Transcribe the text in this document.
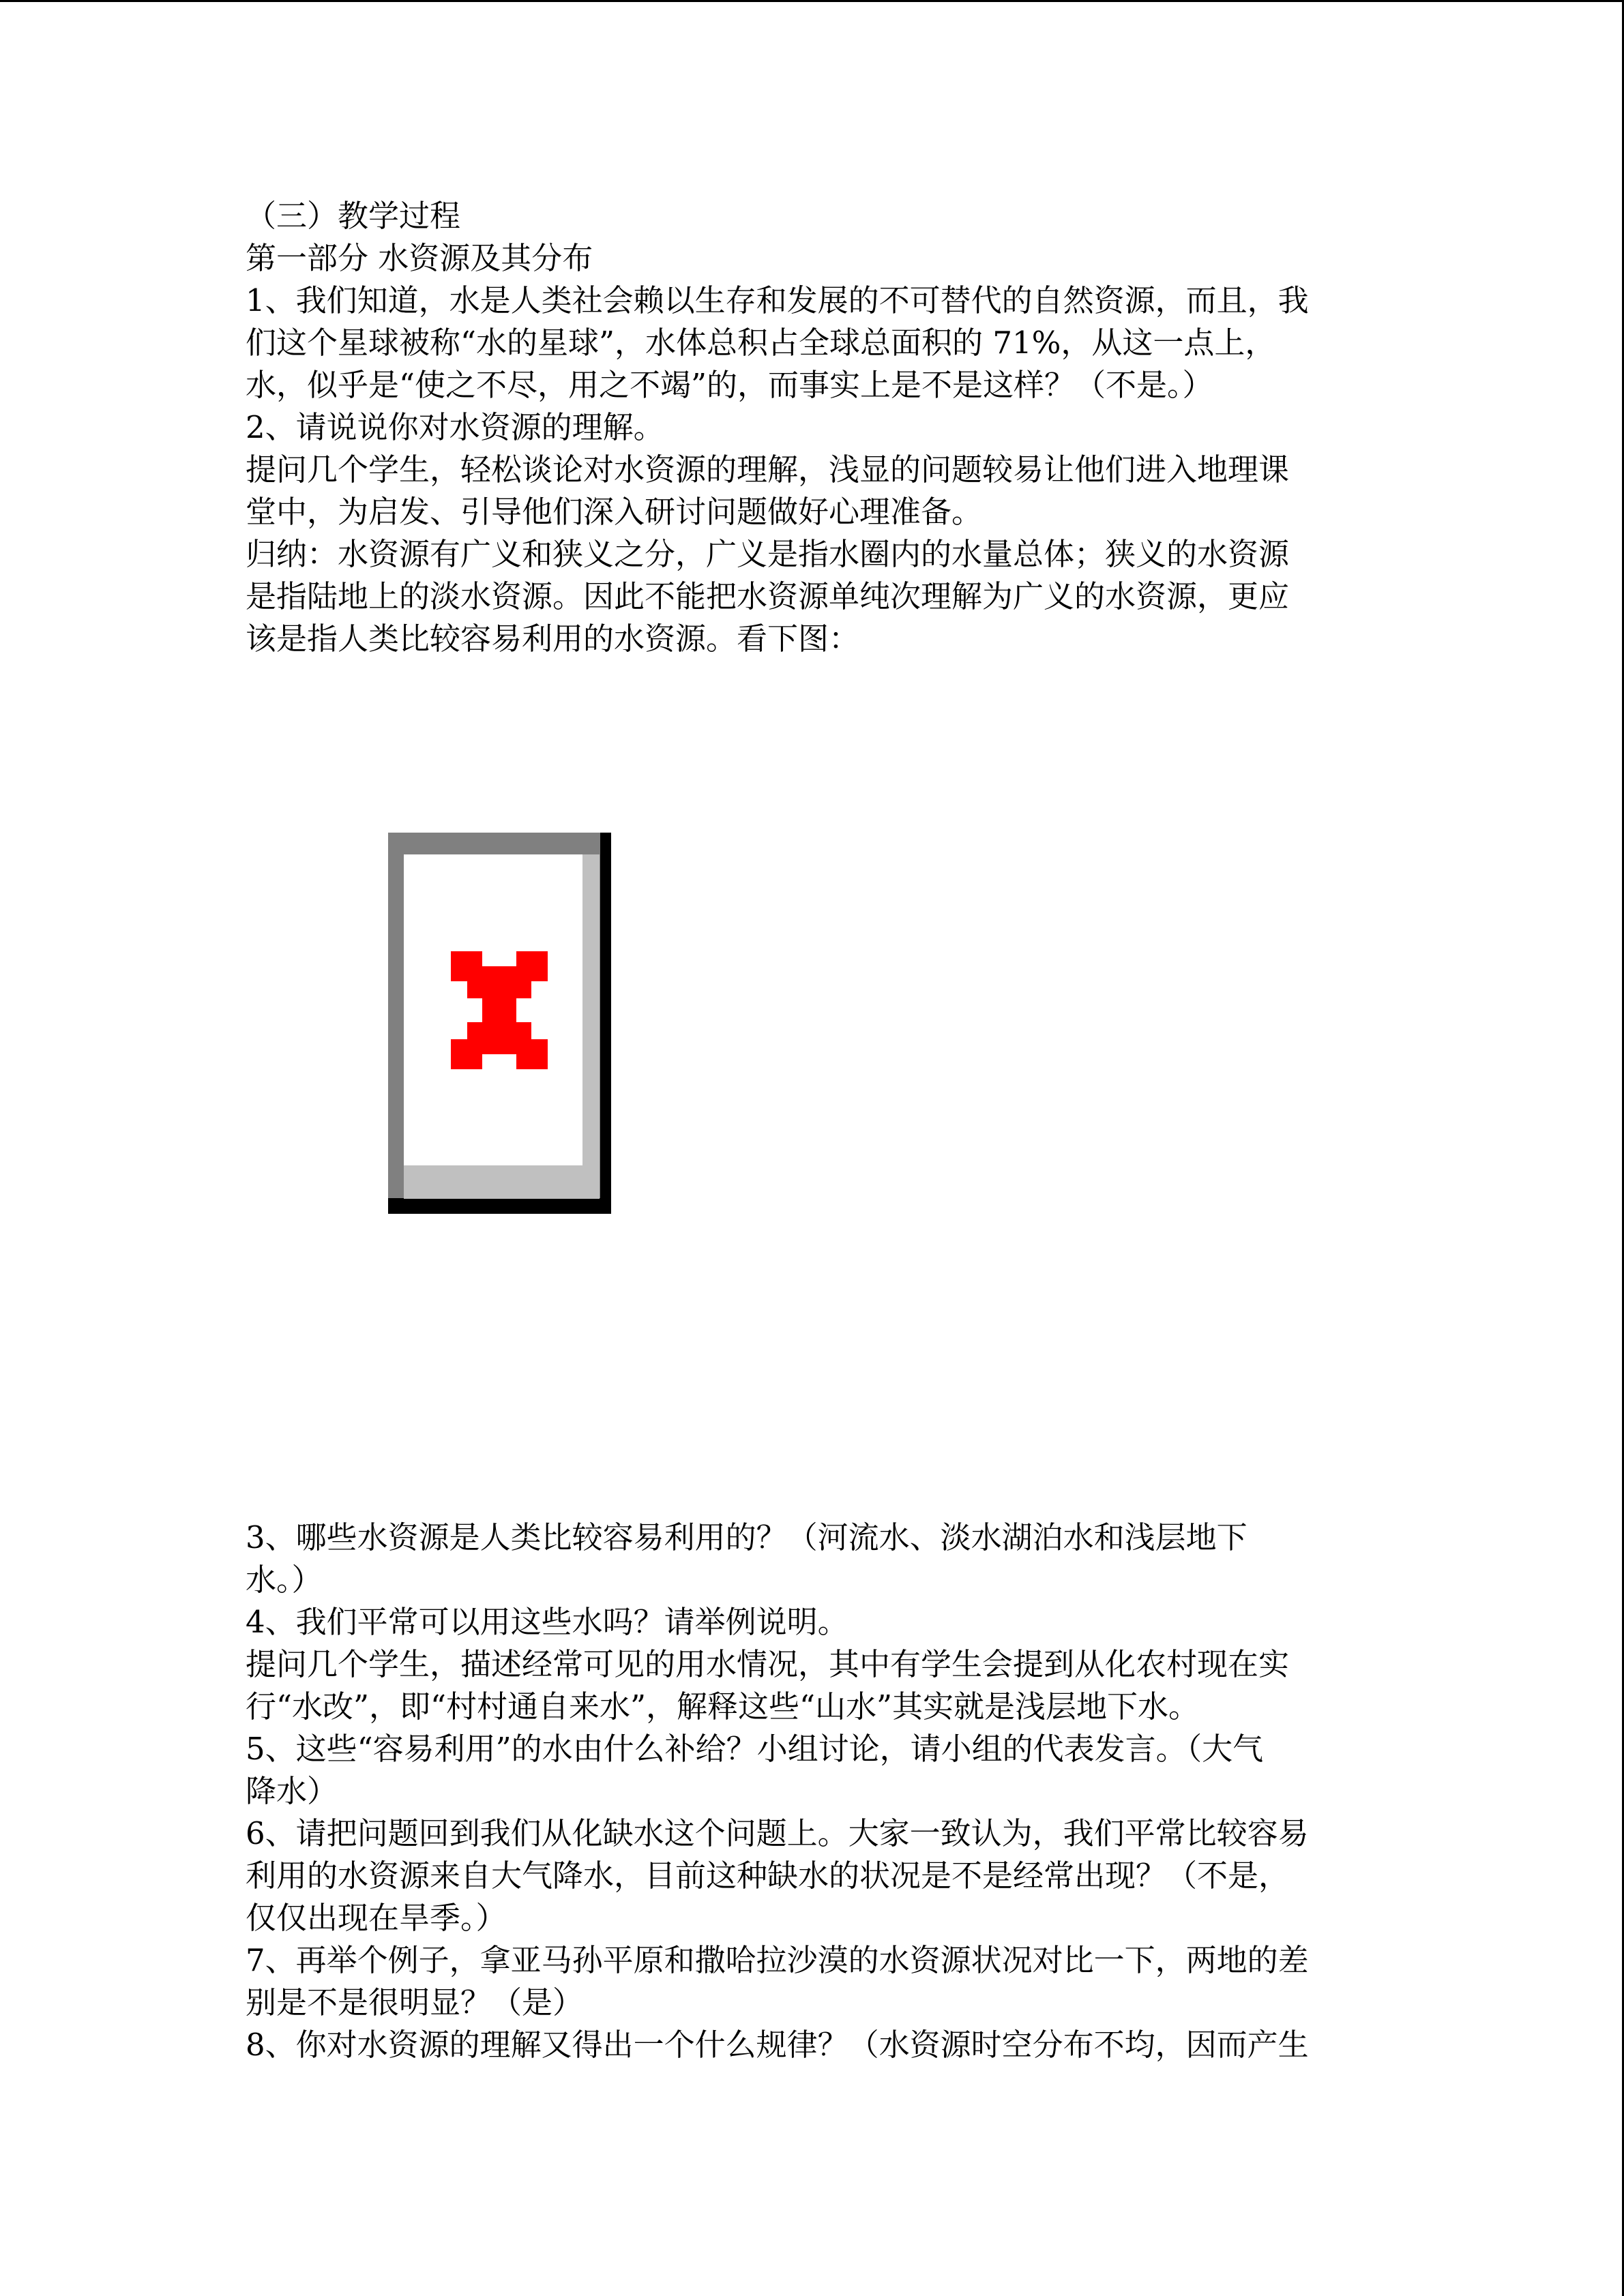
（三）教学过程
第一部分 水资源及其分布
1、我们知道，水是人类社会赖以生存和发展的不可替代的自然资源，而且，我
们这个星球被称“水的星球”，水体总积占全球总面积的 71%，从这一点上，
水，似乎是“使之不尽，用之不竭”的，而事实上是不是这样？（不是。）
2、请说说你对水资源的理解。
提问几个学生，轻松谈论对水资源的理解，浅显的问题较易让他们进入地理课
堂中，为启发、引导他们深入研讨问题做好心理准备。
归纳：水资源有广义和狭义之分，广义是指水圈内的水量总体；狭义的水资源
是指陆地上的淡水资源。因此不能把水资源单纯次理解为广义的水资源，更应
该是指人类比较容易利用的水资源。看下图：
3、哪些水资源是人类比较容易利用的？（河流水、淡水湖泊水和浅层地下
水。）
4、我们平常可以用这些水吗？请举例说明。
提问几个学生，描述经常可见的用水情况，其中有学生会提到从化农村现在实
行“水改”，即“村村通自来水”，解释这些“山水”其实就是浅层地下水。
5、这些“容易利用”的水由什么补给？小组讨论，请小组的代表发言。（大气
降水）
6、请把问题回到我们从化缺水这个问题上。大家一致认为，我们平常比较容易
利用的水资源来自大气降水，目前这种缺水的状况是不是经常出现？（不是，
仅仅出现在旱季。）
7、再举个例子，拿亚马孙平原和撒哈拉沙漠的水资源状况对比一下，两地的差
别是不是很明显？（是）
8、你对水资源的理解又得出一个什么规律？（水资源时空分布不均，因而产生
